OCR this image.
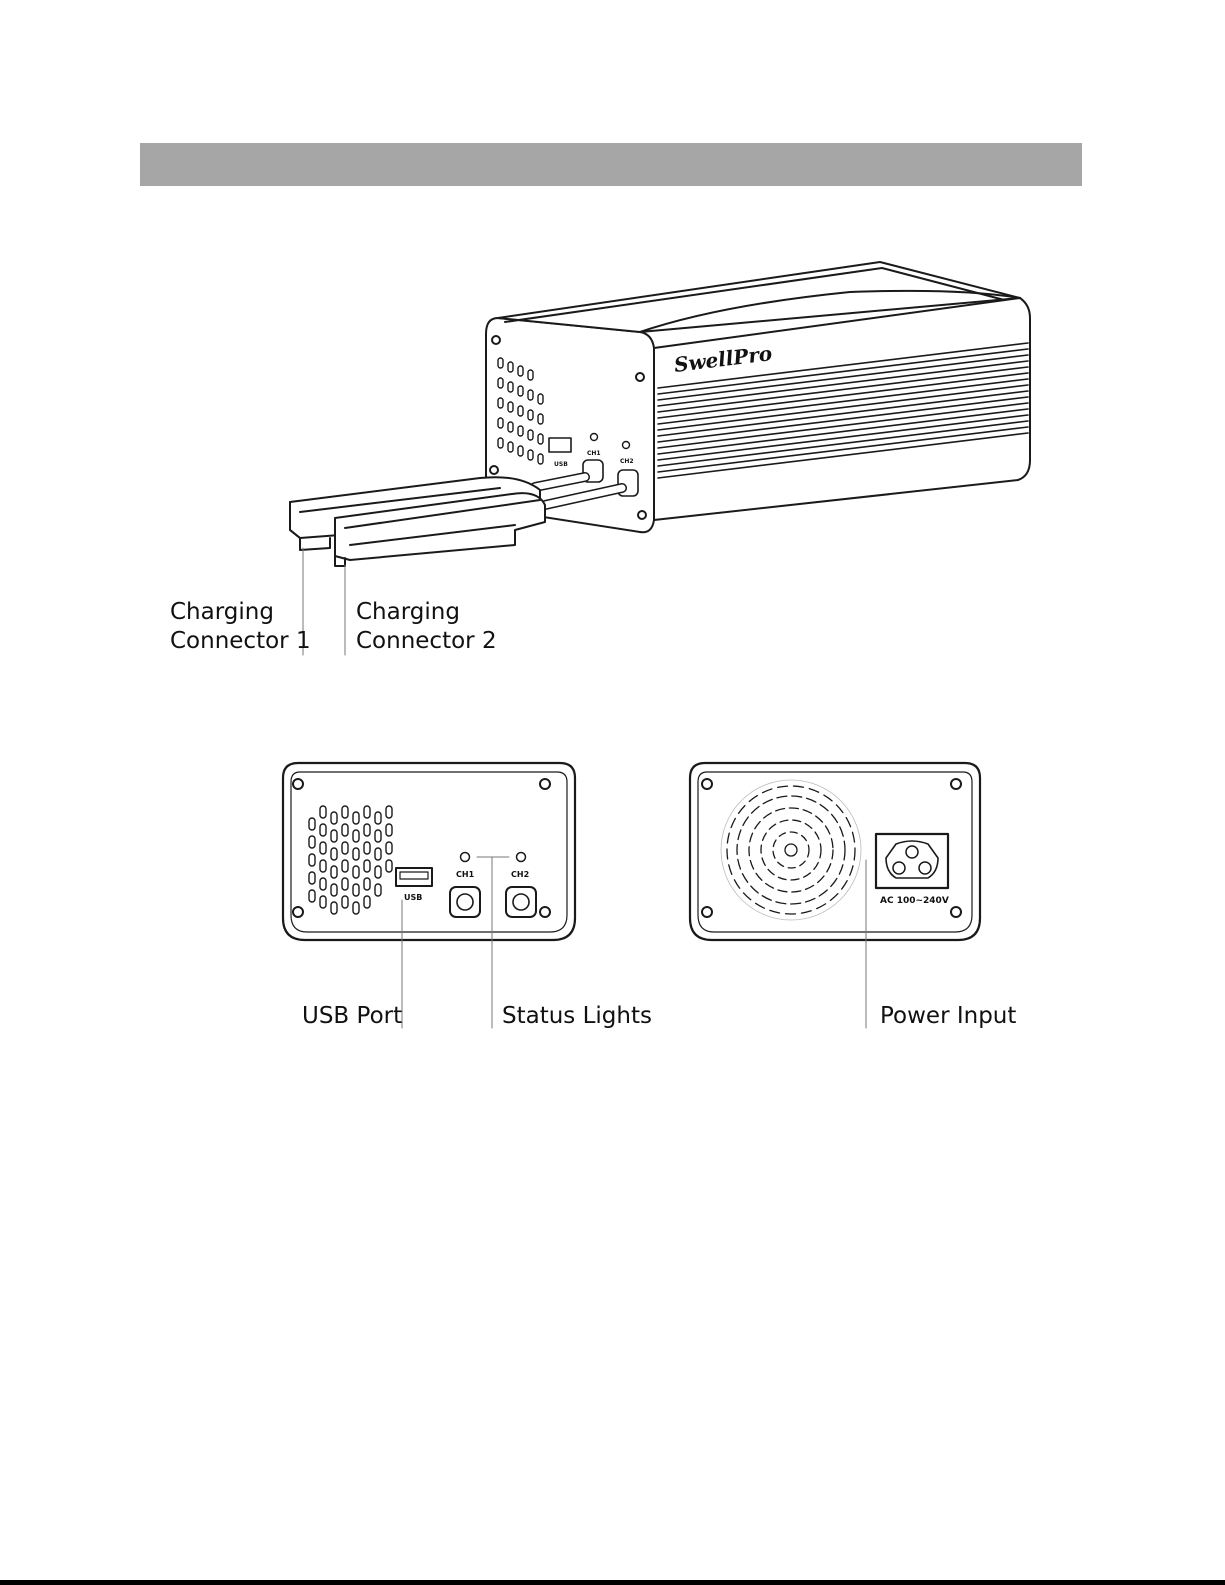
SwellPro
USB
CH1
CH2
USB
CH1	CH2
AC 100~240V
Charging
Connector 1
Charging
Connector 2
USB Port	Status Lights	Power Input
